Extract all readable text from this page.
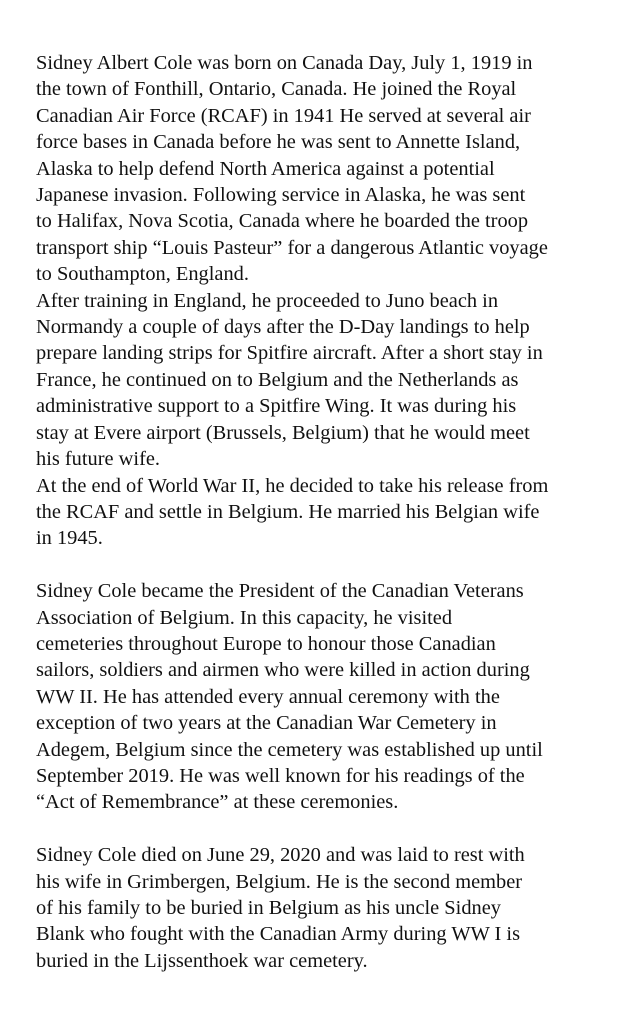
Sidney Albert Cole was born on Canada Day, July 1, 1919 in
the town of Fonthill, Ontario, Canada. He joined the Royal
Canadian Air Force (RCAF) in 1941 He served at several air
force bases in Canada before he was sent to Annette Island,
Alaska to help defend North America against a potential
Japanese invasion. Following service in Alaska, he was sent
to Halifax, Nova Scotia, Canada where he boarded the troop
transport ship “Louis Pasteur” for a dangerous Atlantic voyage
to Southampton, England.
After training in England, he proceeded to Juno beach in
Normandy a couple of days after the D-Day landings to help
prepare landing strips for Spitfire aircraft. After a short stay in
France, he continued on to Belgium and the Netherlands as
administrative support to a Spitfire Wing. It was during his
stay at Evere airport (Brussels, Belgium) that he would meet
his future wife.
At the end of World War II, he decided to take his release from
the RCAF and settle in Belgium. He married his Belgian wife
in 1945.
Sidney Cole became the President of the Canadian Veterans
Association of Belgium. In this capacity, he visited
cemeteries throughout Europe to honour those Canadian
sailors, soldiers and airmen who were killed in action during
WW II. He has attended every annual ceremony with the
exception of two years at the Canadian War Cemetery in
Adegem, Belgium since the cemetery was established up until
September 2019. He was well known for his readings of the
“Act of Remembrance” at these ceremonies.
Sidney Cole died on June 29, 2020 and was laid to rest with
his wife in Grimbergen, Belgium. He is the second member
of his family to be buried in Belgium as his uncle Sidney
Blank who fought with the Canadian Army during WW I is
buried in the Lijssenthoek war cemetery.
